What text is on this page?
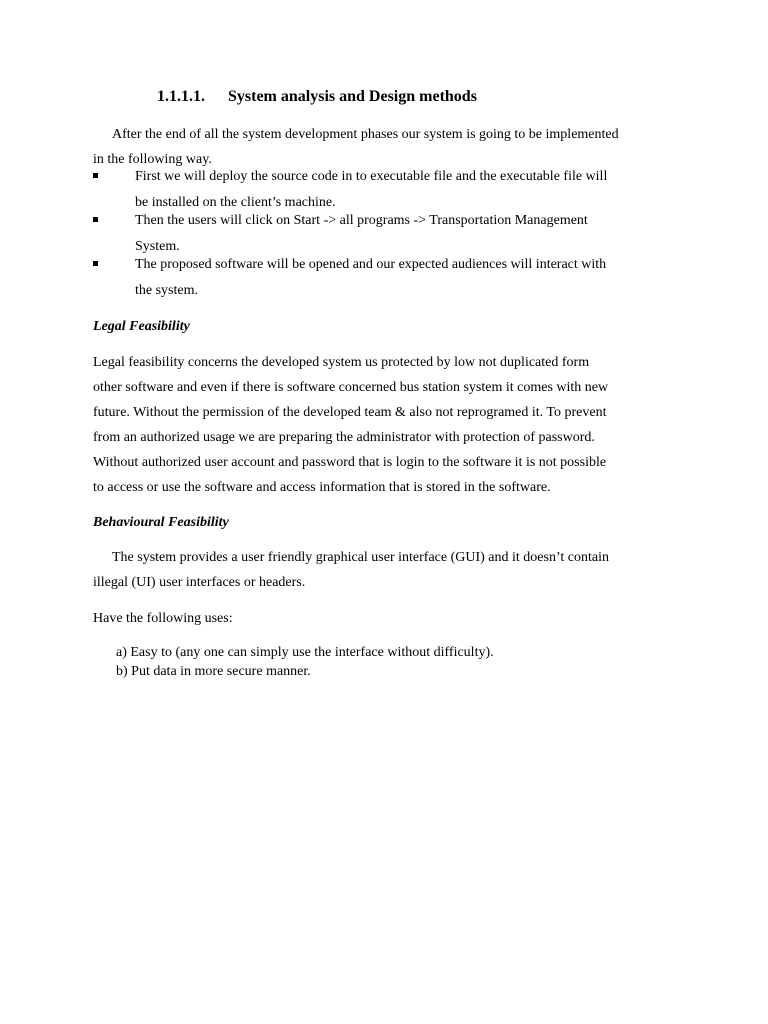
1.1.1.1. System analysis and Design methods
After the end of all the system development phases our system is going to be implemented
in the following way.
First we will deploy the source code in to executable file and the executable file will
be installed on the client’s machine.
Then the users will click on Start -> all programs -> Transportation Management
System.
The proposed software will be opened and our expected audiences will interact with
the system.
Legal Feasibility
Legal feasibility concerns the developed system us protected by low not duplicated form
other software and even if there is software concerned bus station system it comes with new
future. Without the permission of the developed team & also not reprogramed it. To prevent
from an authorized usage we are preparing the administrator with protection of password.
Without authorized user account and password that is login to the software it is not possible
to access or use the software and access information that is stored in the software.
Behavioural Feasibility
The system provides a user friendly graphical user interface (GUI) and it doesn’t contain
illegal (UI) user interfaces or headers.
Have the following uses:
a) Easy to (any one can simply use the interface without difficulty).
b) Put data in more secure manner.
